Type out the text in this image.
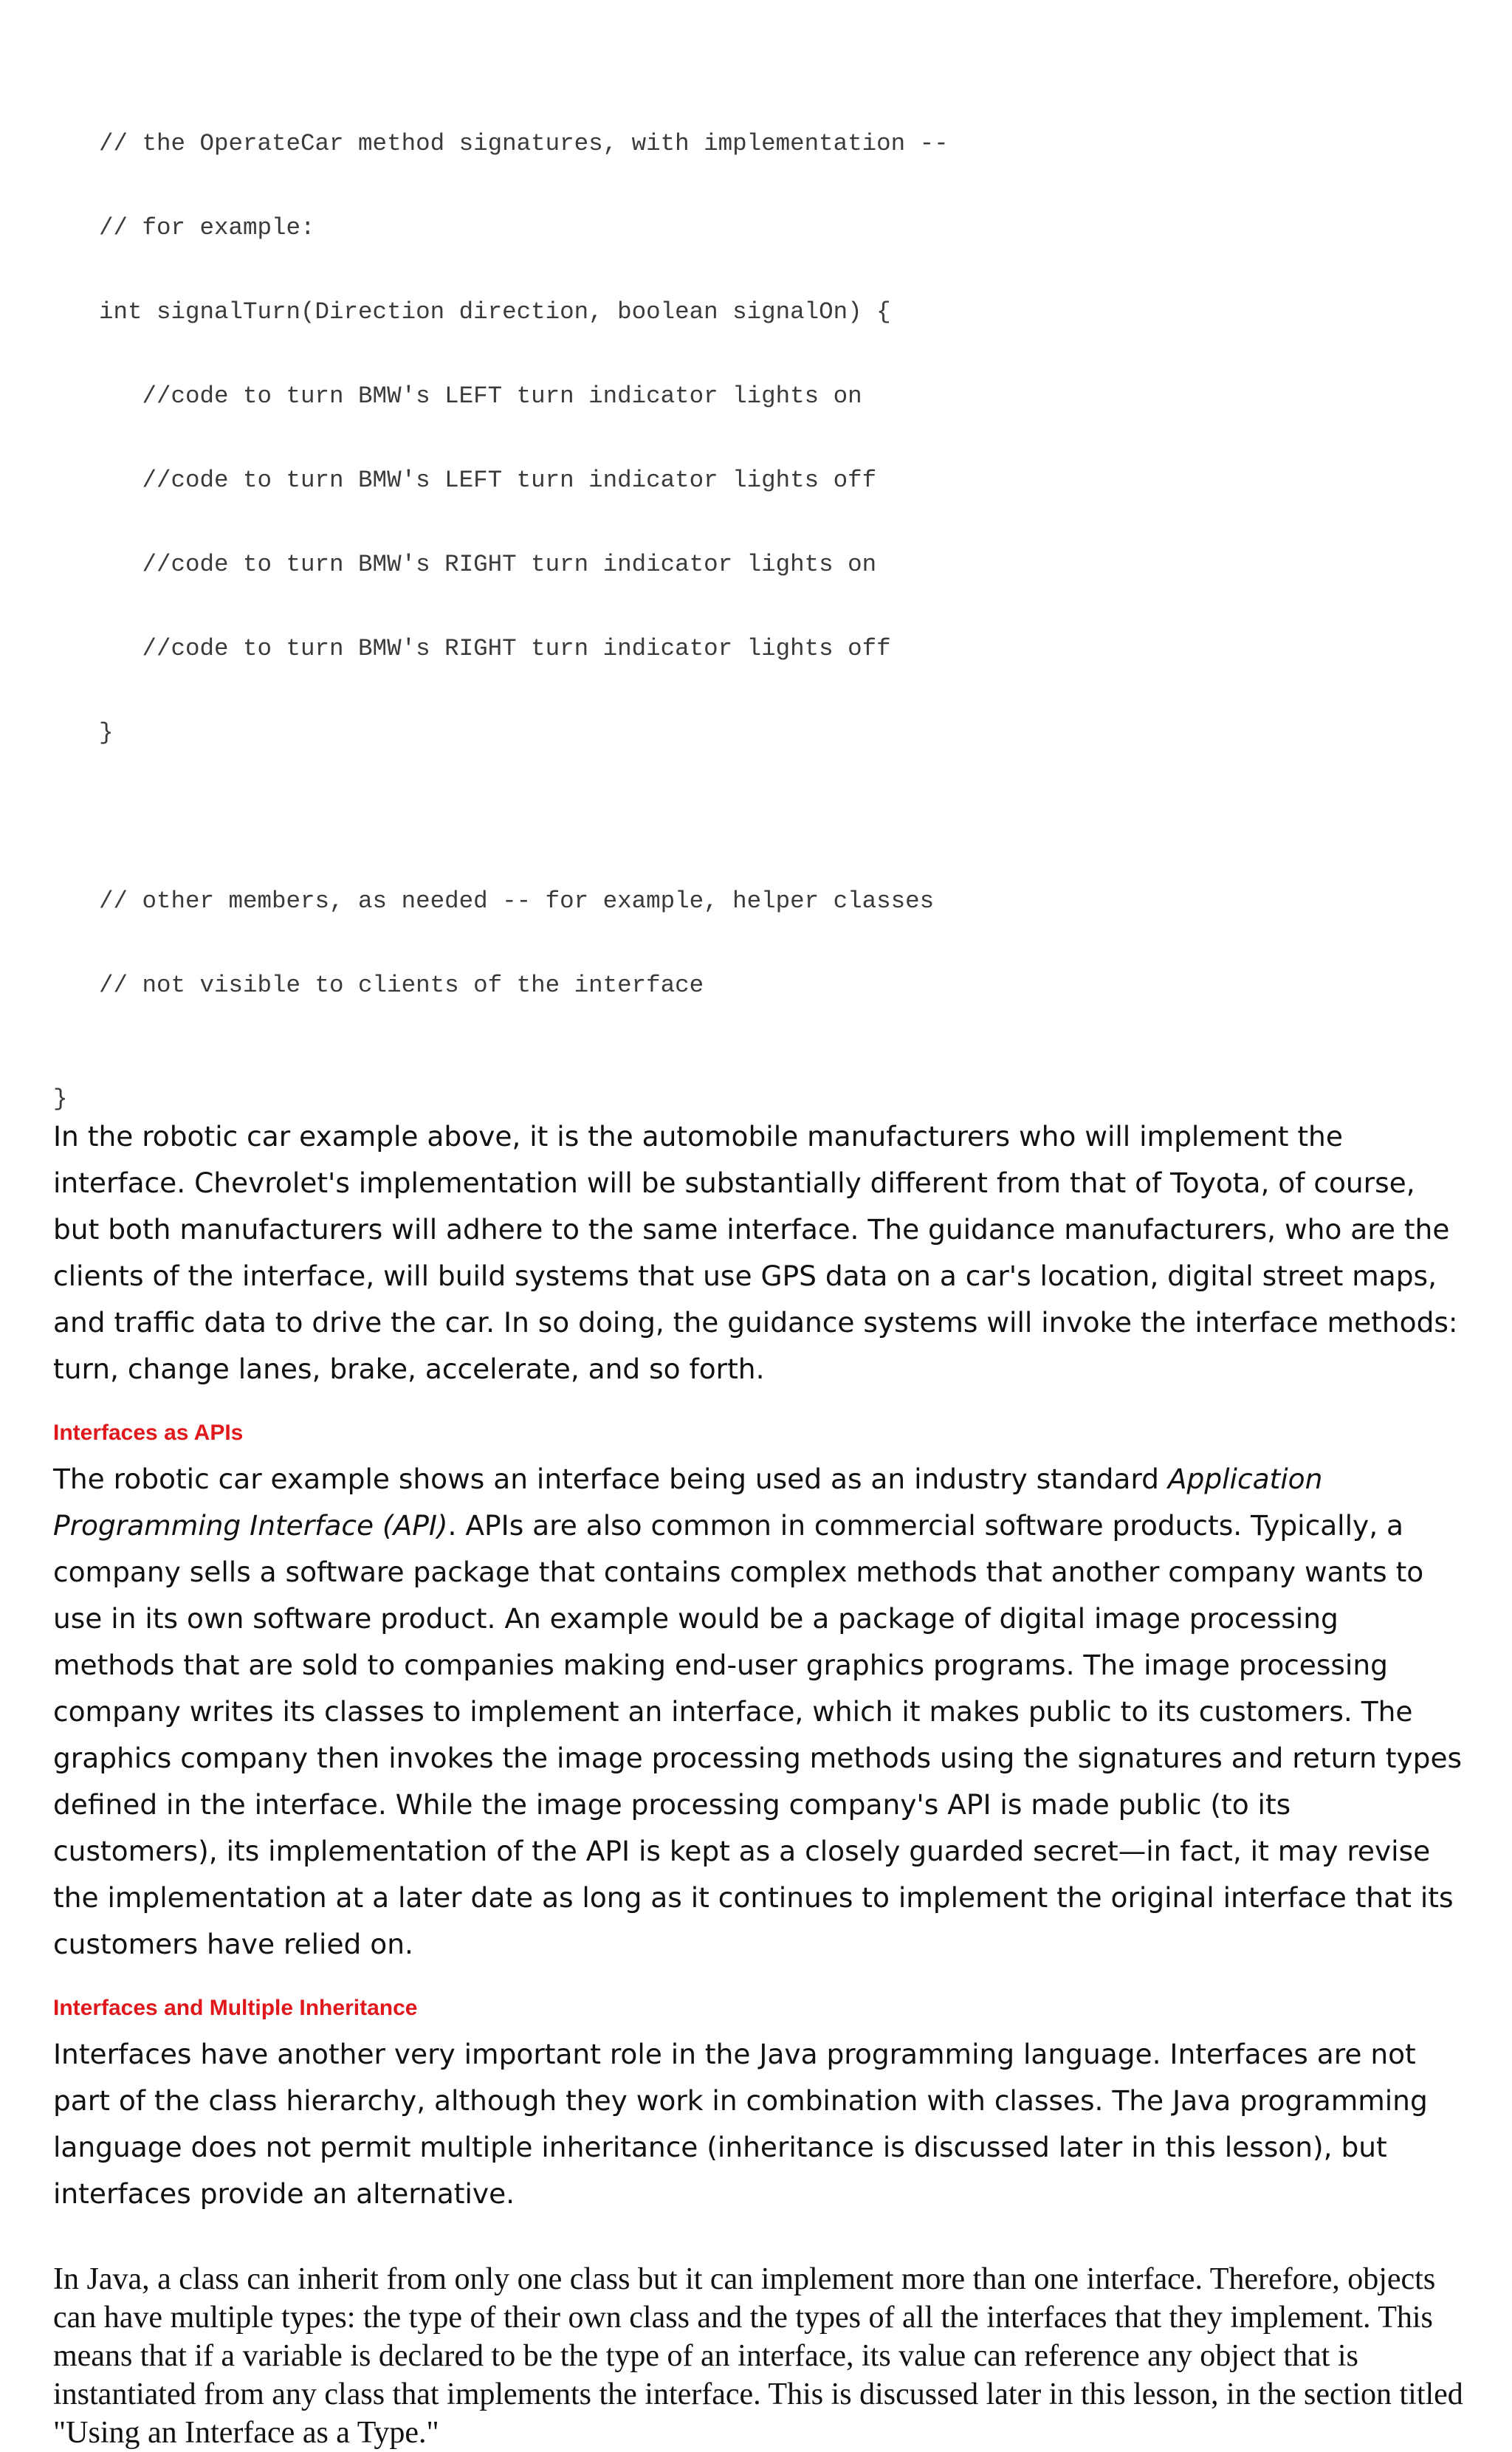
// the OperateCar method signatures, with implementation --

// for example:

int signalTurn(Direction direction, boolean signalOn) {

//code to turn BMW's LEFT turn indicator lights on

//code to turn BMW's LEFT turn indicator lights off

//code to turn BMW's RIGHT turn indicator lights on

//code to turn BMW's RIGHT turn indicator lights off

}

// other members, as needed -- for example, helper classes

// not visible to clients of the interface

}

In the robotic car example above, it is the automobile manufacturers who will implement the interface. Chevrolet's implementation will be substantially different from that of Toyota, of course, but both manufacturers will adhere to the same interface. The guidance manufacturers, who are the clients of the interface, will build systems that use GPS data on a car's location, digital street maps, and traffic data to drive the car. In so doing, the guidance systems will invoke the interface methods: turn, change lanes, brake, accelerate, and so forth.

Interfaces as APIs

The robotic car example shows an interface being used as an industry standard Application Programming Interface (API). APIs are also common in commercial software products. Typically, a company sells a software package that contains complex methods that another company wants to use in its own software product. An example would be a package of digital image processing methods that are sold to companies making end-user graphics programs. The image processing company writes its classes to implement an interface, which it makes public to its customers. The graphics company then invokes the image processing methods using the signatures and return types defined in the interface. While the image processing company's API is made public (to its customers), its implementation of the API is kept as a closely guarded secret—in fact, it may revise the implementation at a later date as long as it continues to implement the original interface that its customers have relied on.

Interfaces and Multiple Inheritance

Interfaces have another very important role in the Java programming language. Interfaces are not part of the class hierarchy, although they work in combination with classes. The Java programming language does not permit multiple inheritance (inheritance is discussed later in this lesson), but interfaces provide an alternative.

In Java, a class can inherit from only one class but it can implement more than one interface. Therefore, objects can have multiple types: the type of their own class and the types of all the interfaces that they implement. This means that if a variable is declared to be the type of an interface, its value can reference any object that is instantiated from any class that implements the interface. This is discussed later in this lesson, in the section titled "Using an Interface as a Type."
